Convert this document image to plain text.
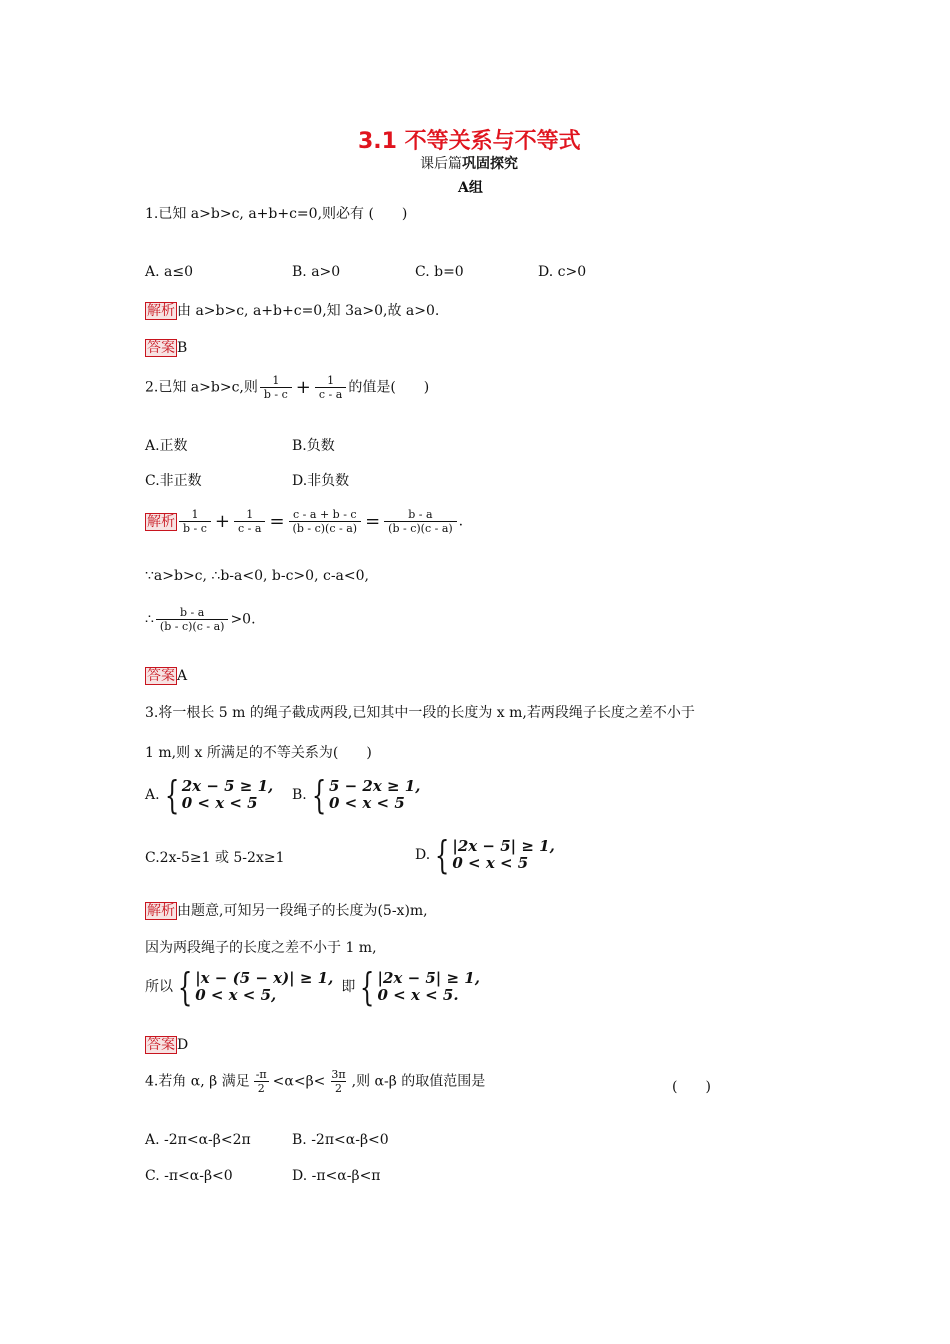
3.1 不等关系与不等式
课后篇巩固探究
A组
1.已知 a>b>c, a+b+c=0,则必有 (　　)
A. a≤0	B. a>0	C. b=0	D. c>0
解析 由 a>b>c, a+b+c=0,知 3a>0,故 a>0.
答案 B
2.已知 a>b>c,则 $\frac{1}{b - c} + \frac{1}{c - a}$ 的值是(　　)
A.正数	B.负数
C.非正数	D.非负数
解析 $\frac{1}{b - c} + \frac{1}{c - a} = \frac{c - a + b - c}{(b - c)(c - a)} = \frac{b - a}{(b - c)(c - a)}$ .
∵a>b>c, ∴b-a<0, b-c>0, c-a<0,
∴ $\frac{b - a}{(b - c)(c - a)} >0$.
答案 A
3.将一根长 5 m 的绳子截成两段,已知其中一段的长度为 x m,若两段绳子长度之差不小于
1 m,则 x 所满足的不等关系为(　　)
A. { 2x − 5 ≥ 1,
0 < x < 5	B. { 5 − 2x ≥ 1,
0 < x < 5
C.2x-5≥1 或 5-2x≥1	D. { |2x − 5| ≥ 1,
0 < x < 5
解析 由题意,可知另一段绳子的长度为(5-x)m,
因为两段绳子的长度之差不小于 1 m,
所以 { |x − (5 − x)| ≥ 1,
0 < x < 5,	即 { |2x − 5| ≥ 1,
0 < x < 5.
答案 D
4.若角 α, β 满足 $\frac{-\pi}{2} <\alpha<\beta< \frac{3\pi}{2}$ ,则 α-β 的取值范围是	(　　)
A. -2π<α-β<2π	B. -2π<α-β<0
C. -π<α-β<0	D. -π<α-β<π
